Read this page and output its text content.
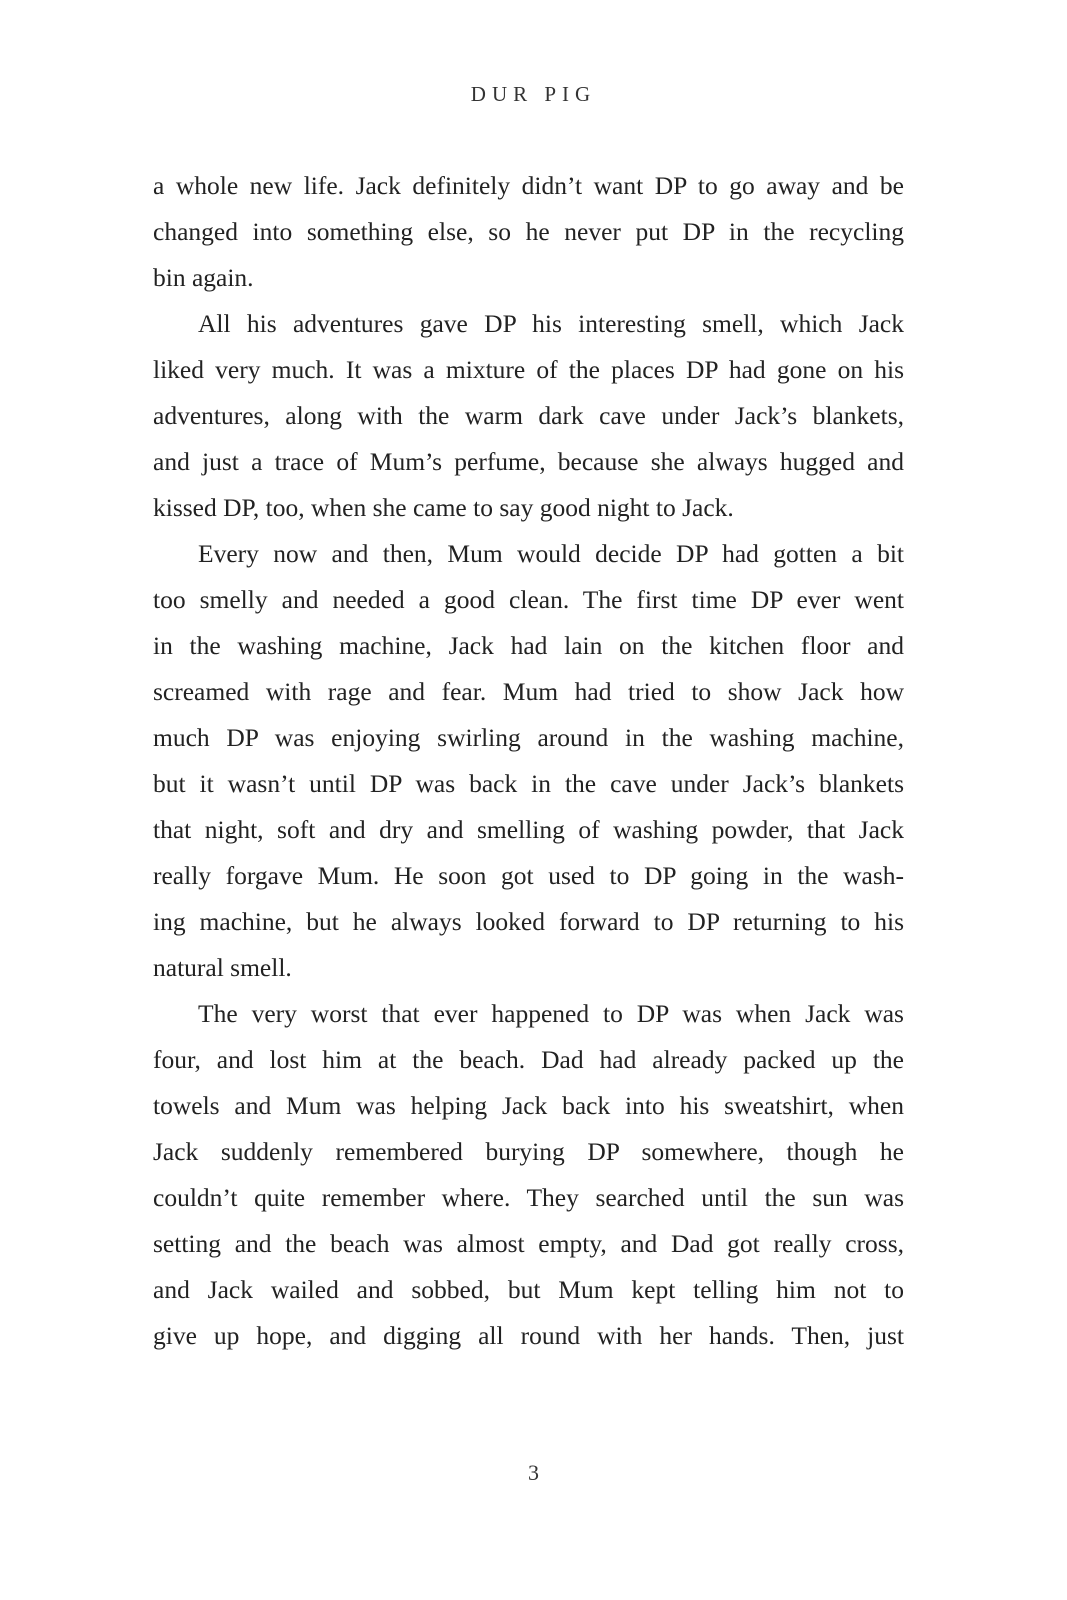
DUR PIG
a whole new life. Jack definitely didn’t want DP to go away and be
changed into something else, so he never put DP in the recycling
bin again.
All his adventures gave DP his interesting smell, which Jack
liked very much. It was a mixture of the places DP had gone on his
adventures, along with the warm dark cave under Jack’s blankets,
and just a trace of Mum’s perfume, because she always hugged and
kissed DP, too, when she came to say good night to Jack.
Every now and then, Mum would decide DP had gotten a bit
too smelly and needed a good clean. The first time DP ever went
in the washing machine, Jack had lain on the kitchen floor and
screamed with rage and fear. Mum had tried to show Jack how
much DP was enjoying swirling around in the washing machine,
but it wasn’t until DP was back in the cave under Jack’s blankets
that night, soft and dry and smelling of washing powder, that Jack
really forgave Mum. He soon got used to DP going in the wash-
ing machine, but he always looked forward to DP returning to his
natural smell.
The very worst that ever happened to DP was when Jack was
four, and lost him at the beach. Dad had already packed up the
towels and Mum was helping Jack back into his sweatshirt, when
Jack suddenly remembered burying DP somewhere, though he
couldn’t quite remember where. They searched until the sun was
setting and the beach was almost empty, and Dad got really cross,
and Jack wailed and sobbed, but Mum kept telling him not to
give up hope, and digging all round with her hands. Then, just
3
